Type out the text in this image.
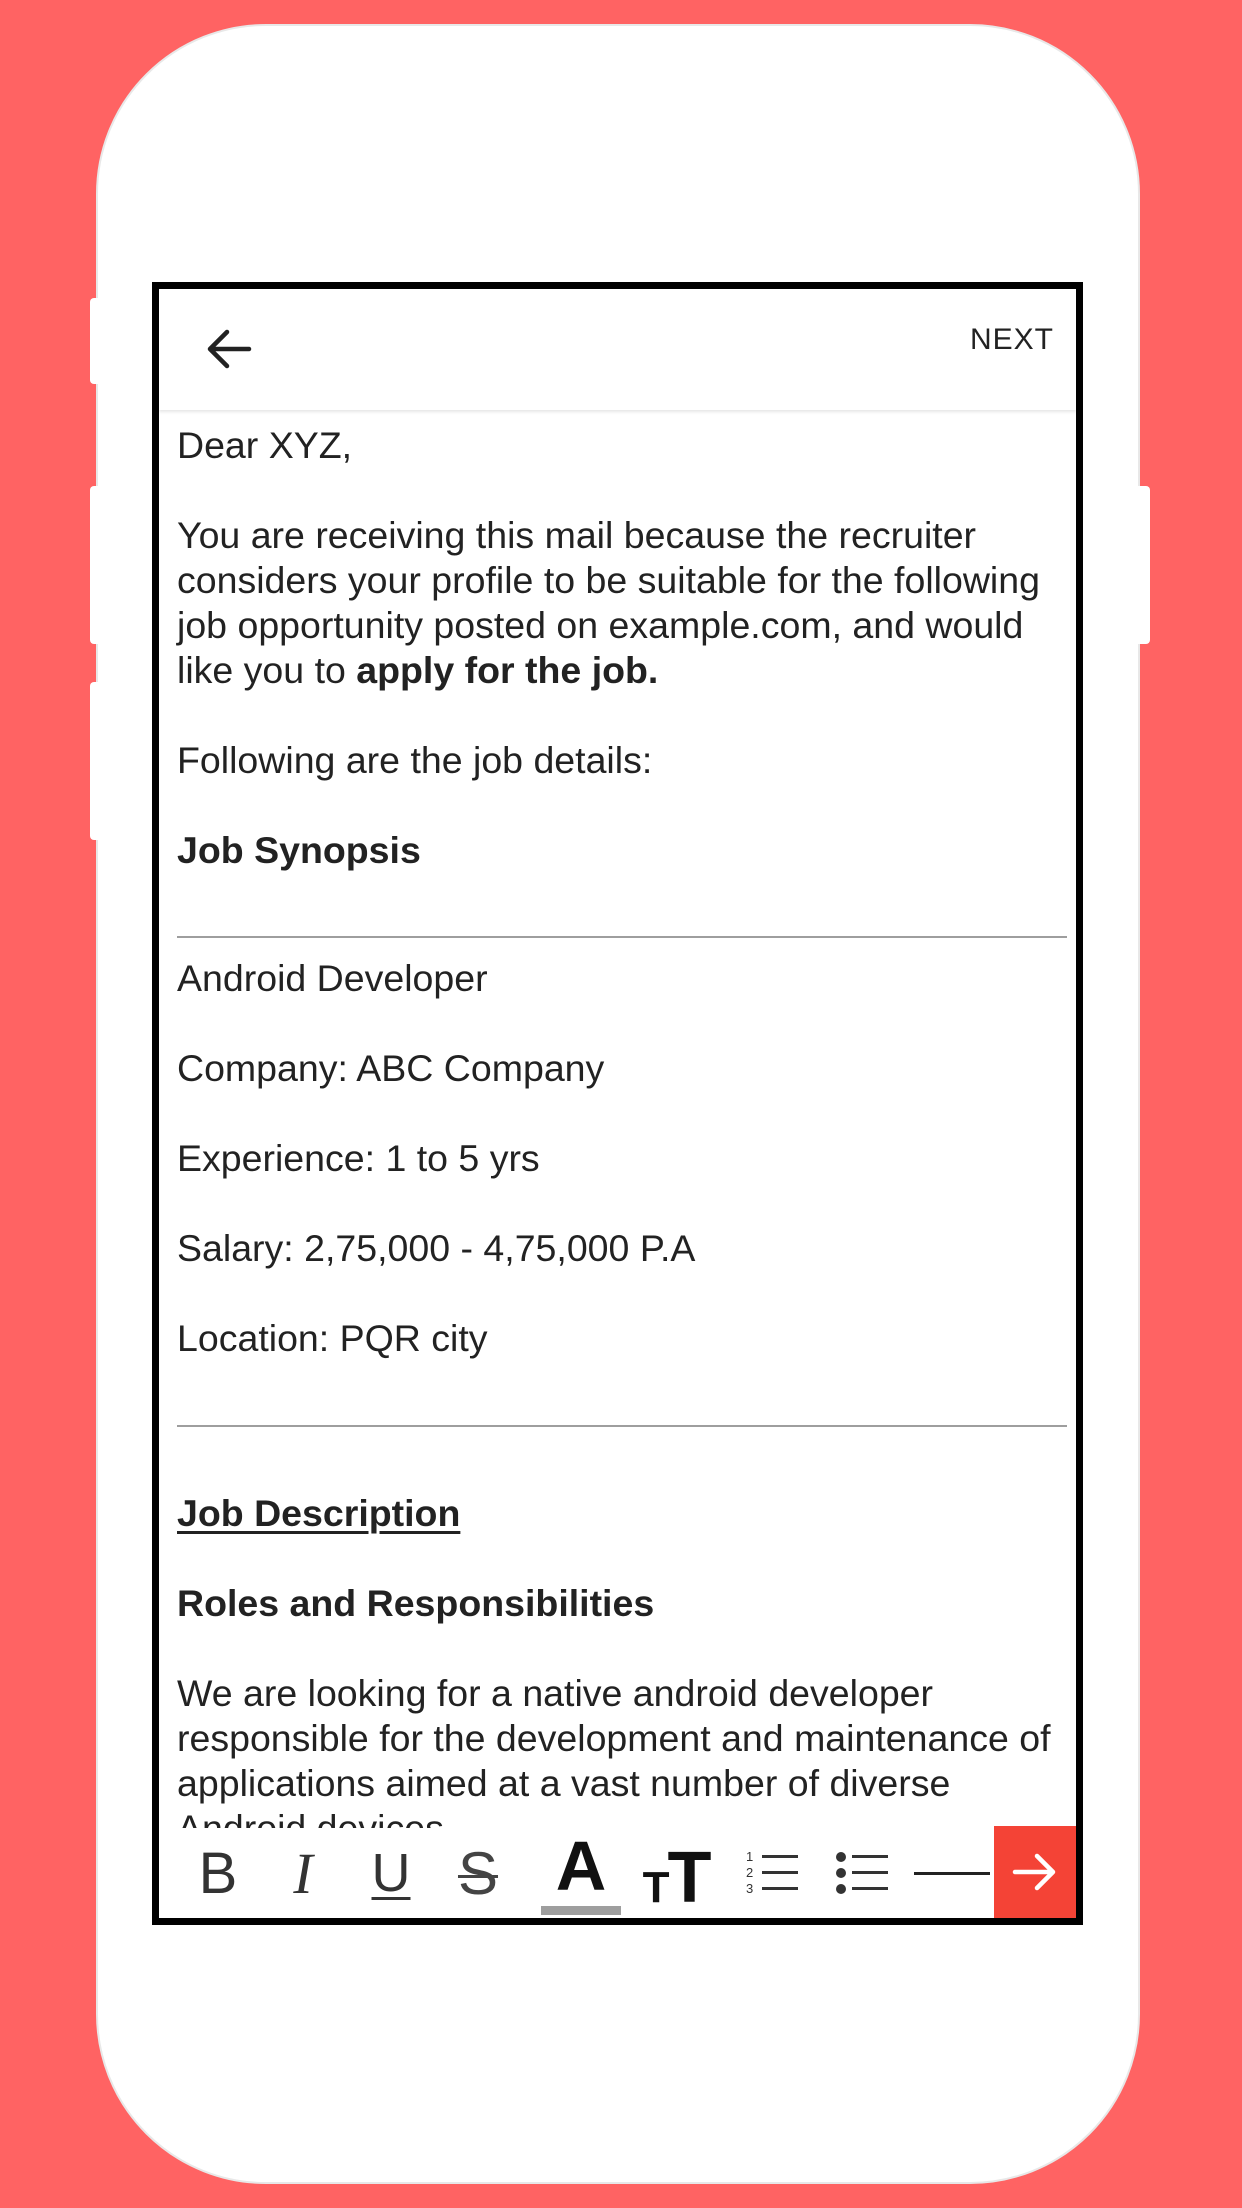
NEXT

Dear XYZ,

You are receiving this mail because the recruiter considers your profile to be suitable for the following job opportunity posted on example.com, and would like you to apply for the job.

Following are the job details:

Job Synopsis

Android Developer

Company: ABC Company

Experience: 1 to 5 yrs

Salary: 2,75,000 - 4,75,000 P.A

Location: PQR city

Job Description

Roles and Responsibilities

We are looking for a native android developer responsible for the development and maintenance of applications aimed at a vast number of diverse

B I U S A T
T	1
2
3
